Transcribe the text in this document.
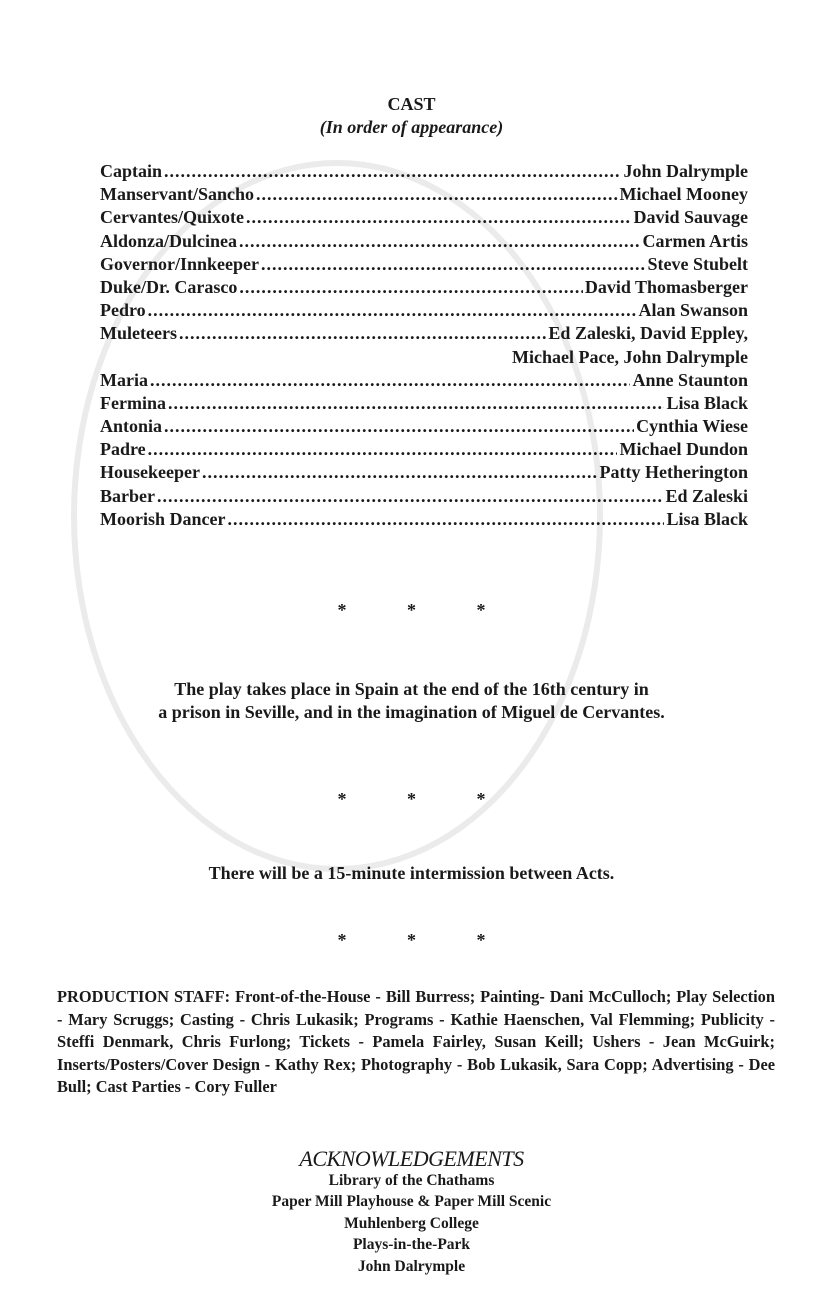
CAST
(In order of appearance)
Captain .....	John Dalrymple
Manservant/Sancho .....	Michael Mooney
Cervantes/Quixote .....	David Sauvage
Aldonza/Dulcinea .....	Carmen Artis
Governor/Innkeeper .....	Steve Stubelt
Duke/Dr. Carasco .....	David Thomasberger
Pedro .....	Alan Swanson
Muleteers .....	Ed Zaleski, David Eppley,
Michael Pace, John Dalrymple
Maria .....	Anne Staunton
Fermina .....	Lisa Black
Antonia .....	Cynthia Wiese
Padre .....	Michael Dundon
Housekeeper .....	Patty Hetherington
Barber .....	Ed Zaleski
Moorish Dancer .....	Lisa Black
* * *
The play takes place in Spain at the end of the 16th century in
a prison in Seville, and in the imagination of Miguel de Cervantes.
* * *
There will be a 15-minute intermission between Acts.
* * *
PRODUCTION STAFF: Front-of-the-House - Bill Burress; Painting- Dani McCulloch; Play Selection - Mary Scruggs; Casting - Chris Lukasik; Programs - Kathie Haenschen, Val Flemming; Publicity - Steffi Denmark, Chris Furlong; Tickets - Pamela Fairley, Susan Keill; Ushers - Jean McGuirk; Inserts/Posters/Cover Design - Kathy Rex; Photography - Bob Lukasik, Sara Copp; Advertising - Dee Bull; Cast Parties - Cory Fuller
ACKNOWLEDGEMENTS
Library of the Chathams
Paper Mill Playhouse & Paper Mill Scenic
Muhlenberg College
Plays-in-the-Park
John Dalrymple
